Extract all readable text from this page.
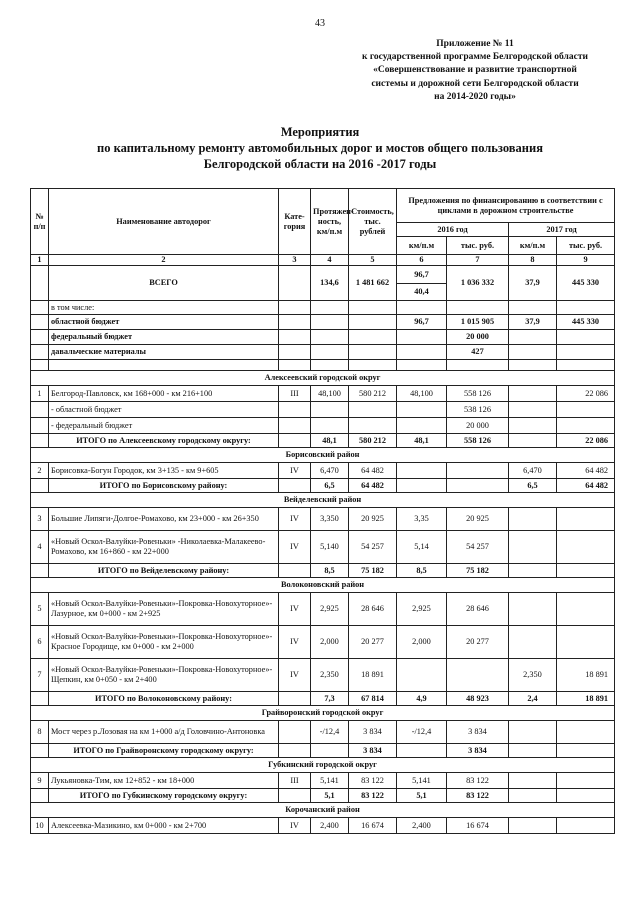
43
Приложение № 11
к государственной программе Белгородской области
«Совершенствование и развитие транспортной
системы и дорожной сети Белгородской области
на 2014-2020 годы»
Мероприятия
по капитальному ремонту автомобильных дорог и мостов общего пользования
Белгородской области на 2016 -2017 годы
№ п/п	Наименование автодорог	Кате-гория	Протяжен-ность, км/п.м	Стоимость, тыс. рублей	Предложения по финансированию в соответствии с циклами в дорожном строительстве			
					2016 год		2017 год	
					км/п.м	тыс. руб.	км/п.м	тыс. руб.
1	2	3	4	5	6	7	8	9
	ВСЕГО		134,6	1 481 662	96,7	1 036 332	37,9	445 330
					40,4			
	в том числе:							
	областной бюджет				96,7	1 015 905	37,9	445 330
	федеральный бюджет					20 000		
	давальческие материалы					427		

Алексеевский городской округ								
1	Белгород-Павловск, км 168+000 - км 216+100	III	48,100	580 212	48,100	558 126		22 086
	- областной бюджет					538 126		
	- федеральный бюджет					20 000		
	ИТОГО по Алексеевскому городскому округу:		48,1	580 212	48,1	558 126		22 086
Борисовский район								
2	Борисовка-Богун Городок, км 3+135 - км 9+605	IV	6,470	64 482			6,470	64 482
	ИТОГО по Борисовскому району:		6,5	64 482			6,5	64 482
Вейделевский район								
3	Большие Липяги-Долгое-Ромахово, км 23+000 - км 26+350	IV	3,350	20 925	3,35	20 925		
4	«Новый Оскол-Валуйки-Ровеньки» -Николаевка-Малакеево-Ромахово, км 16+860 - км 22+000	IV	5,140	54 257	5,14	54 257		
	ИТОГО по Вейделевскому району:		8,5	75 182	8,5	75 182		
Волоконовский район								
5	«Новый Оскол-Валуйки-Ровеньки»-Покровка-Новохуторное»-Лазурное, км 0+000 - км 2+925	IV	2,925	28 646	2,925	28 646		
6	«Новый Оскол-Валуйки-Ровеньки»-Покровка-Новохуторное»-Красное Городище, км 0+000 - км 2+000	IV	2,000	20 277	2,000	20 277		
7	«Новый Оскол-Валуйки-Ровеньки»-Покровка-Новохуторное»-Щепкин, км 0+050 - км 2+400	IV	2,350	18 891			2,350	18 891
	ИТОГО по Волоконовскому району:		7,3	67 814	4,9	48 923	2,4	18 891
Грайворонский городской округ								
8	Мост через р.Лозовая на км 1+000 а/д Головчино-Антоновка		-/12,4	3 834	-/12,4	3 834		
	ИТОГО по Грайворонскому городскому округу:			3 834		3 834		
Губкинский городской округ								
9	Лукьяновка-Тим, км 12+852 - км 18+000	III	5,141	83 122	5,141	83 122		
	ИТОГО по Губкинскому городскому округу:		5,1	83 122	5,1	83 122		
Корочанский район								
10	Алексеевка-Мазикино, км 0+000 - км 2+700	IV	2,400	16 674	2,400	16 674		
